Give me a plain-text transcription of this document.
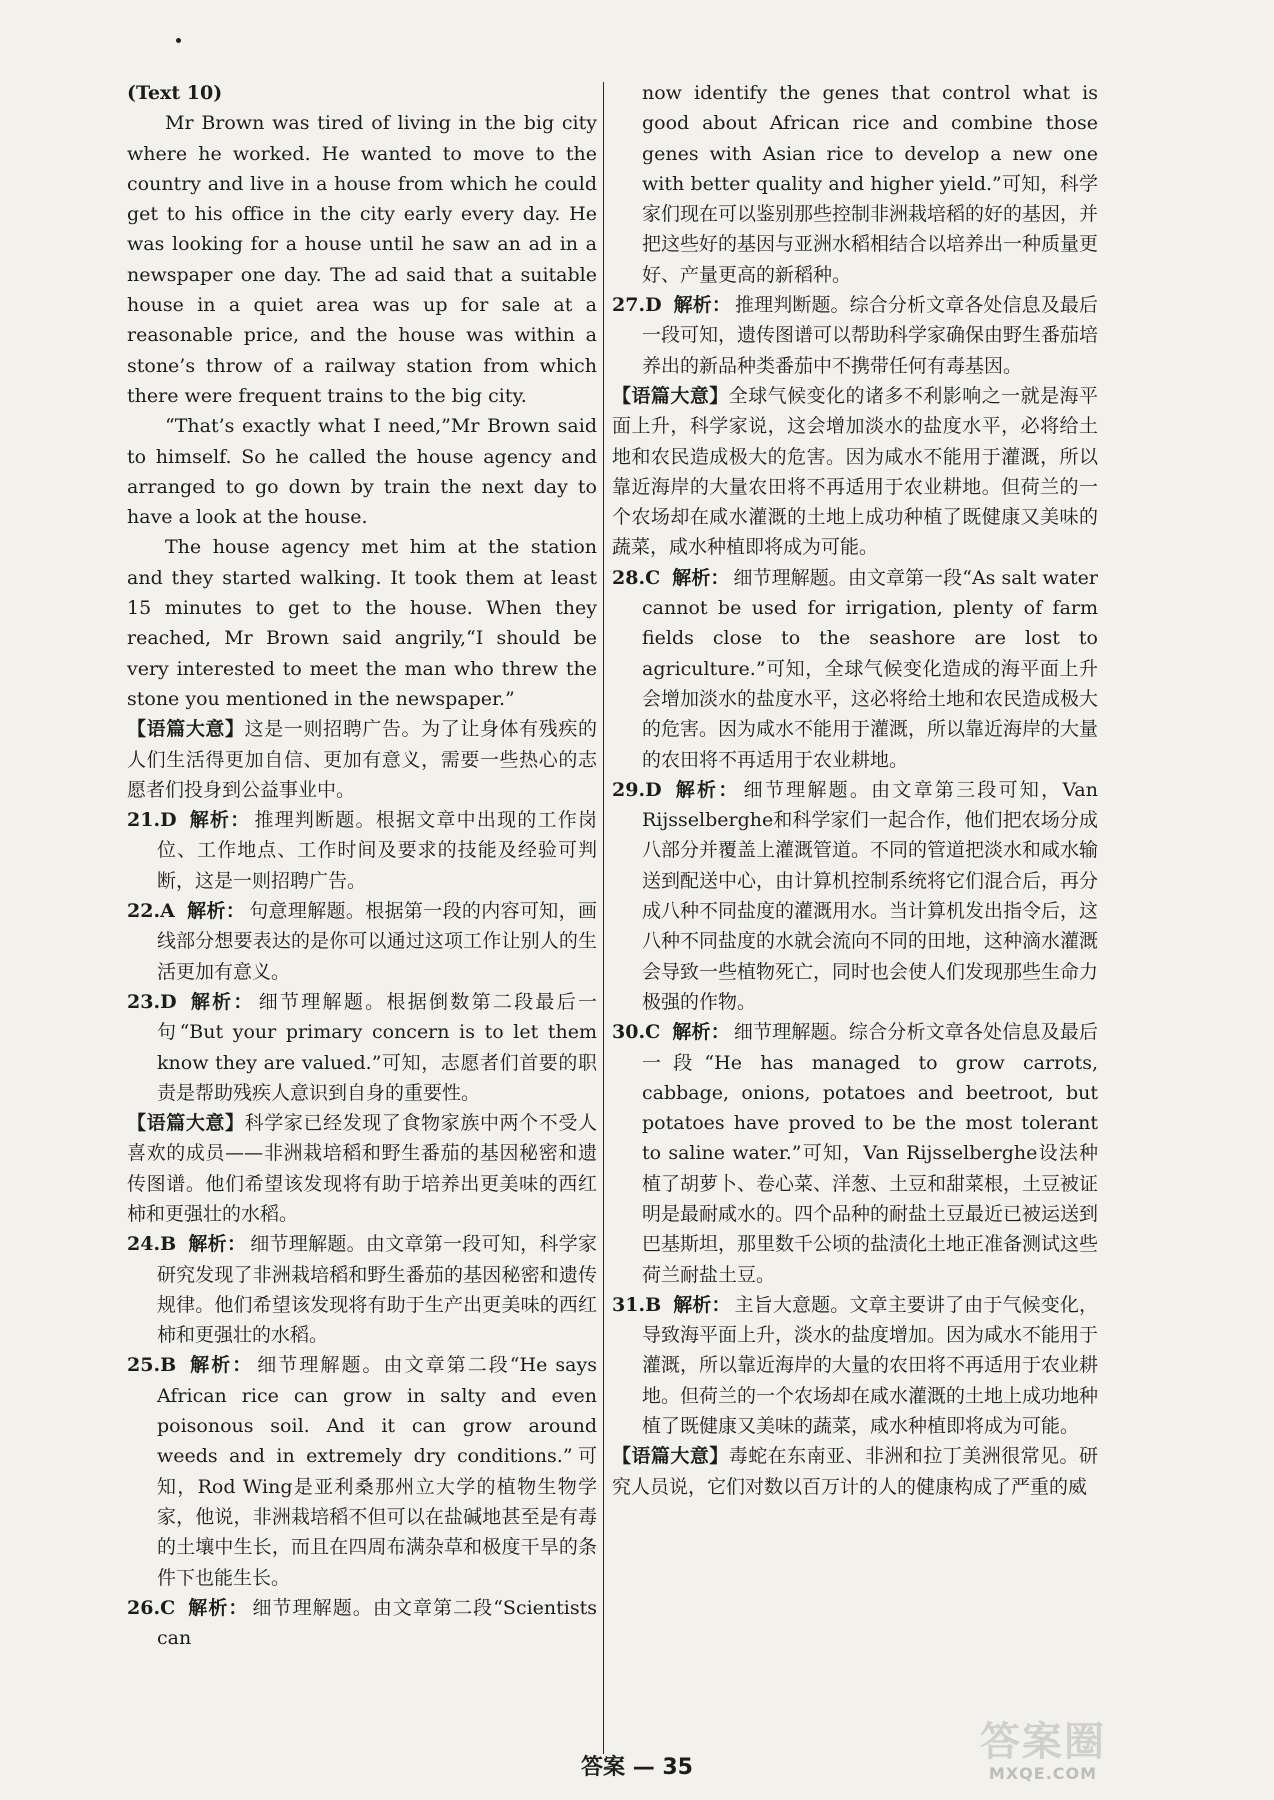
(Text 10)

Mr Brown was tired of living in the big city where he worked. He wanted to move to the country and live in a house from which he could get to his office in the city early every day. He was looking for a house until he saw an ad in a newspaper one day. The ad said that a suitable house in a quiet area was up for sale at a reasonable price, and the house was within a stone’s throw of a railway station from which there were frequent trains to the big city.

“That’s exactly what I need,”Mr Brown said to himself. So he called the house agency and arranged to go down by train the next day to have a look at the house.

The house agency met him at the station and they started walking. It took them at least 15 minutes to get to the house. When they reached, Mr Brown said angrily,“I should be very interested to meet the man who threw the stone you mentioned in the newspaper.”

【语篇大意】这是一则招聘广告。为了让身体有残疾的人们生活得更加自信、更加有意义，需要一些热心的志愿者们投身到公益事业中。

21.D 解析： 推理判断题。根据文章中出现的工作岗位、工作地点、工作时间及要求的技能及经验可判断，这是一则招聘广告。

22.A 解析： 句意理解题。根据第一段的内容可知，画线部分想要表达的是你可以通过这项工作让别人的生活更加有意义。

23.D 解析： 细节理解题。根据倒数第二段最后一句“But your primary concern is to let them know they are valued.”可知，志愿者们首要的职责是帮助残疾人意识到自身的重要性。

【语篇大意】科学家已经发现了食物家族中两个不受人喜欢的成员——非洲栽培稻和野生番茄的基因秘密和遗传图谱。他们希望该发现将有助于培养出更美味的西红柿和更强壮的水稻。

24.B 解析： 细节理解题。由文章第一段可知，科学家研究发现了非洲栽培稻和野生番茄的基因秘密和遗传规律。他们希望该发现将有助于生产出更美味的西红柿和更强壮的水稻。

25.B 解析： 细节理解题。由文章第二段“He says African rice can grow in salty and even poisonous soil. And it can grow around weeds and in extremely dry conditions.”可知，Rod Wing是亚利桑那州立大学的植物生物学家，他说，非洲栽培稻不但可以在盐碱地甚至是有毒的土壤中生长，而且在四周布满杂草和极度干旱的条件下也能生长。

26.C 解析： 细节理解题。由文章第二段“Scientists can

now identify the genes that control what is good about African rice and combine those genes with Asian rice to develop a new one with better quality and higher yield.”可知，科学家们现在可以鉴别那些控制非洲栽培稻的好的基因，并把这些好的基因与亚洲水稻相结合以培养出一种质量更好、产量更高的新稻种。

27.D 解析： 推理判断题。综合分析文章各处信息及最后一段可知，遗传图谱可以帮助科学家确保由野生番茄培养出的新品种类番茄中不携带任何有毒基因。

【语篇大意】全球气候变化的诸多不利影响之一就是海平面上升，科学家说，这会增加淡水的盐度水平，必将给土地和农民造成极大的危害。因为咸水不能用于灌溉，所以靠近海岸的大量农田将不再适用于农业耕地。但荷兰的一个农场却在咸水灌溉的土地上成功种植了既健康又美味的蔬菜，咸水种植即将成为可能。

28.C 解析： 细节理解题。由文章第一段“As salt water cannot be used for irrigation, plenty of farm fields close to the seashore are lost to agriculture.”可知，全球气候变化造成的海平面上升会增加淡水的盐度水平，这必将给土地和农民造成极大的危害。因为咸水不能用于灌溉，所以靠近海岸的大量的农田将不再适用于农业耕地。

29.D 解析： 细节理解题。由文章第三段可知，Van Rijsselberghe和科学家们一起合作，他们把农场分成八部分并覆盖上灌溉管道。不同的管道把淡水和咸水输送到配送中心，由计算机控制系统将它们混合后，再分成八种不同盐度的灌溉用水。当计算机发出指令后，这八种不同盐度的水就会流向不同的田地，这种滴水灌溉会导致一些植物死亡，同时也会使人们发现那些生命力极强的作物。

30.C 解析： 细节理解题。综合分析文章各处信息及最后一段“He has managed to grow carrots, cabbage, onions, potatoes and beetroot, but potatoes have proved to be the most tolerant to saline water.”可知，Van Rijsselberghe设法种植了胡萝卜、卷心菜、洋葱、土豆和甜菜根，土豆被证明是最耐咸水的。四个品种的耐盐土豆最近已被运送到巴基斯坦，那里数千公顷的盐渍化土地正准备测试这些荷兰耐盐土豆。

31.B 解析： 主旨大意题。文章主要讲了由于气候变化，导致海平面上升，淡水的盐度增加。因为咸水不能用于灌溉，所以靠近海岸的大量的农田将不再适用于农业耕地。但荷兰的一个农场却在咸水灌溉的土地上成功地种植了既健康又美味的蔬菜，咸水种植即将成为可能。

【语篇大意】毒蛇在东南亚、非洲和拉丁美洲很常见。研究人员说，它们对数以百万计的人的健康构成了严重的威

答案 — 35
答案圈
MXQE.COM
